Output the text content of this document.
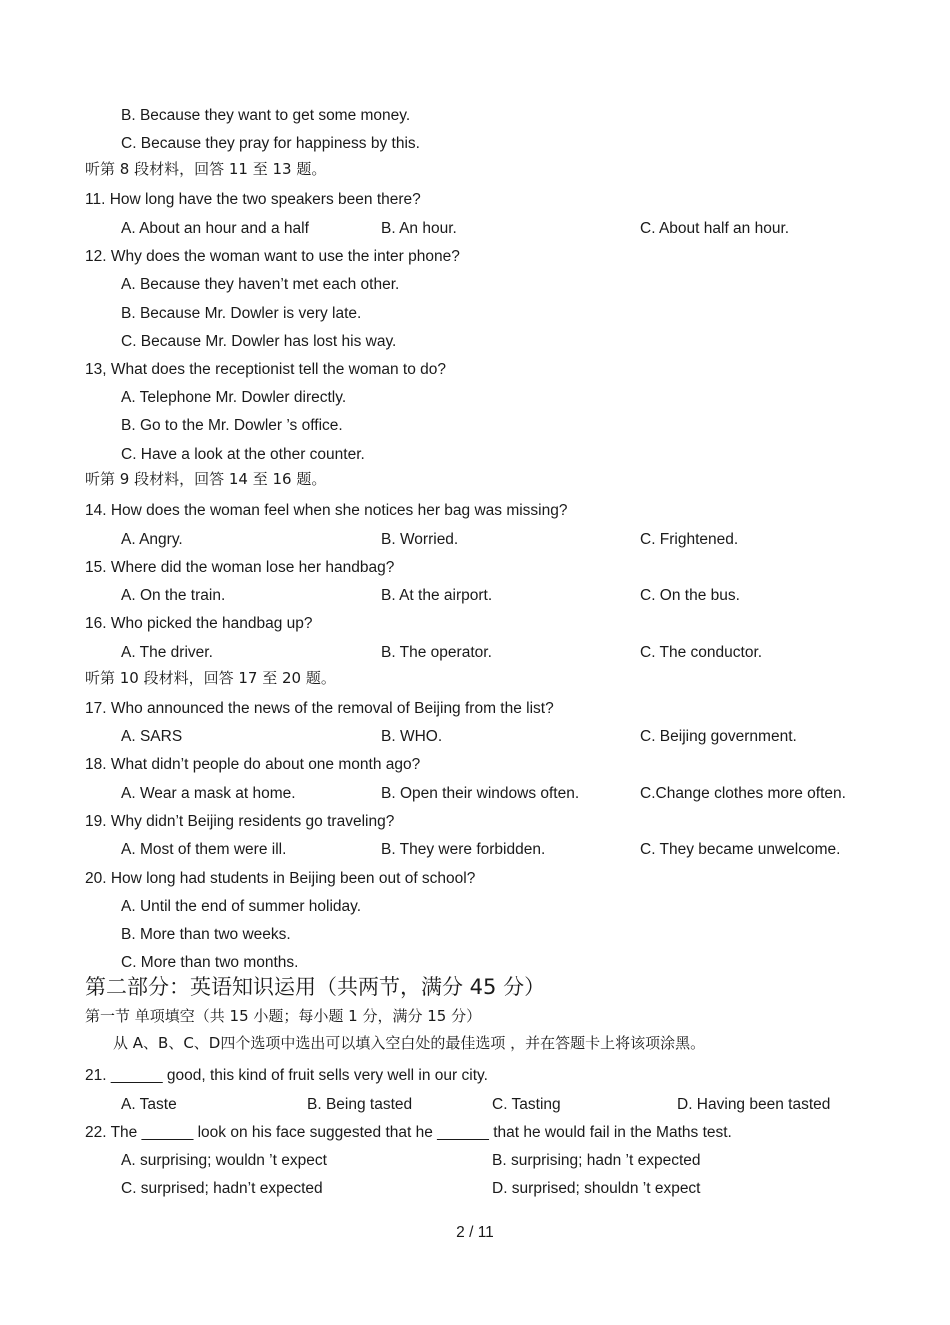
B. Because they want to get some money.
C. Because they pray for happiness by this.
听第 8 段材料，回答 11 至 13 题。
11. How long have the two speakers been there?
A. About an hour and a half	B. An hour.	C. About half an hour.
12. Why does the woman want to use the inter phone?
A. Because they haven’t met each other.
B. Because Mr. Dowler is very late.
C. Because Mr. Dowler has lost his way.
13, What does the receptionist tell the woman to do?
A. Telephone Mr. Dowler directly.
B. Go to the Mr. Dowler ’s office.
C. Have a look at the other counter.
听第 9 段材料，回答 14 至 16 题。
14. How does the woman feel when she notices her bag was missing?
A. Angry.	B. Worried.	C. Frightened.
15. Where did the woman lose her handbag?
A. On the train.	B. At the airport.	C. On the bus.
16. Who picked the handbag up?
A. The driver.	B. The operator.	C. The conductor.
听第 10 段材料，回答 17 至 20 题。
17. Who announced the news of the removal of Beijing from the list?
A. SARS	B. WHO.	C. Beijing government.
18. What didn’t people do about one month ago?
A. Wear a mask at home.	B. Open their windows often.	C.Change clothes more often.
19. Why didn’t Beijing residents go traveling?
A. Most of them were ill.	B. They were forbidden.	C. They became unwelcome.
20. How long had students in Beijing been out of school?
A. Until the end of summer holiday.
B. More than two weeks.
C. More than two months.
第二部分：英语知识运用（共两节，满分 45 分）
第一节 单项填空（共 15 小题；每小题 1 分，满分 15 分）
从 A、B、C、D四个选项中选出可以填入空白处的最佳选项 ，并在答题卡上将该项涂黑。
21. ______ good, this kind of fruit sells very well in our city.
A. Taste	B. Being tasted	C. Tasting	D. Having been tasted
22. The ______ look on his face suggested that he ______ that he would fail in the Maths test.
A. surprising; wouldn ’t expect	B. surprising; hadn ’t expected
C. surprised; hadn’t expected	D. surprised; shouldn ’t expect
2 / 11
